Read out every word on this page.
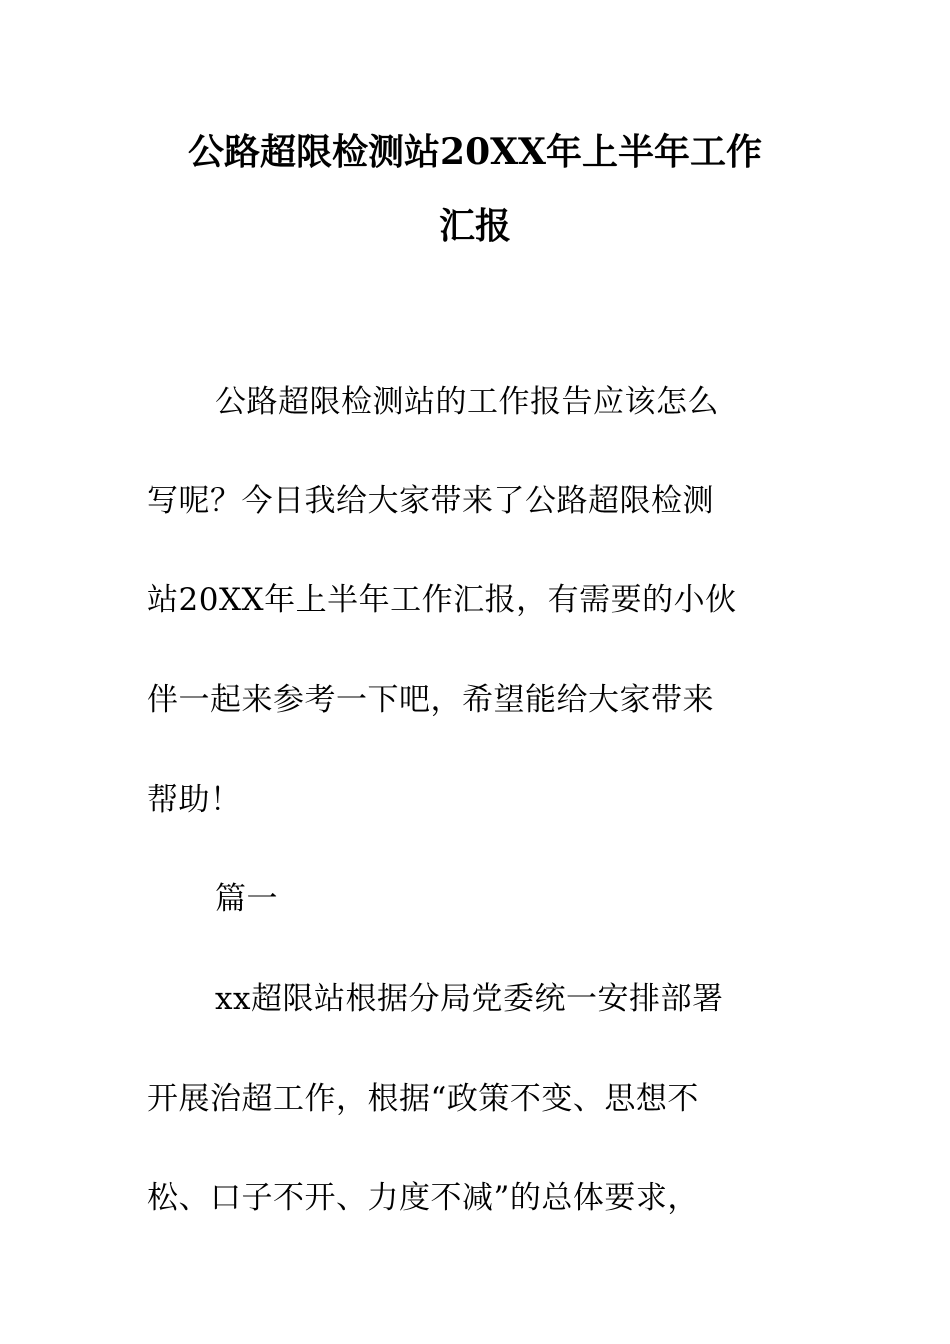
公路超限检测站20XX年上半年工作
汇报
公路超限检测站的工作报告应该怎么
写呢？今日我给大家带来了公路超限检测
站20XX年上半年工作汇报，有需要的小伙
伴一起来参考一下吧，希望能给大家带来
帮助！
篇一
xx超限站根据分局党委统一安排部署
开展治超工作，根据“政策不变、思想不
松、口子不开、力度不减”的总体要求，
